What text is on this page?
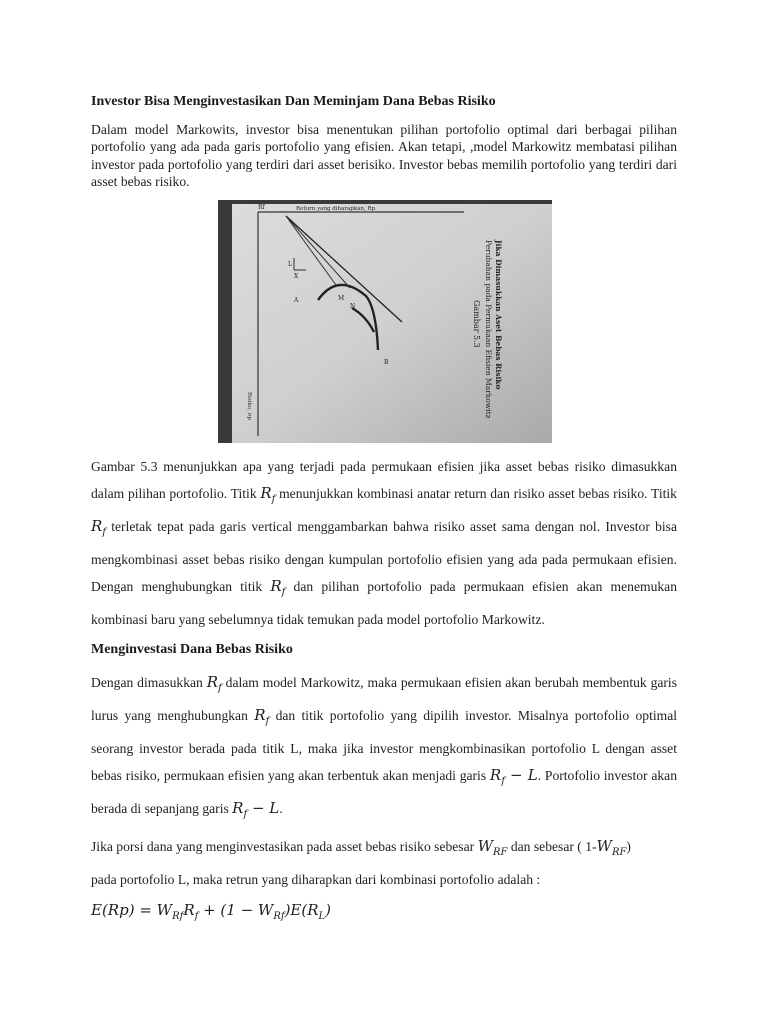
Investor Bisa Menginvestasikan Dan Meminjam Dana Bebas Risiko

Dalam model Markowits, investor bisa menentukan pilihan portofolio optimal dari berbagai pilihan portofolio yang ada pada garis portofolio yang efisien. Akan tetapi, ,model Markowitz membatasi pilihan investor pada portofolio yang terdiri dari asset berisiko. Investor bebas memilih portofolio yang terdiri dari asset bebas risiko.

Rf	Return yang diharapkan, Rp
L
X
A	M
N
B
Gambar 5.3 Perubahan pada Permukaan Efisien Markowitz Jika Dimasukkan Aset Bebas Risiko
Risiko, σp

Gambar 5.3 menunjukkan apa yang terjadi pada permukaan efisien jika asset bebas risiko dimasukkan dalam pilihan portofolio. Titik $R_f$ menunjukkan kombinasi anatar return dan risiko asset bebas risiko. Titik $R_f$ terletak tepat pada garis vertical menggambarkan bahwa risiko asset sama dengan nol. Investor bisa mengkombinasi asset bebas risiko dengan kumpulan portofolio efisien yang ada pada permukaan efisien. Dengan menghubungkan titik $R_f$ dan pilihan portofolio pada permukaan efisien akan menemukan kombinasi baru yang sebelumnya tidak temukan pada model portofolio Markowitz.

Menginvestasi Dana Bebas Risiko

Dengan dimasukkan $R_f$ dalam model Markowitz, maka permukaan efisien akan berubah membentuk garis lurus yang menghubungkan $R_f$ dan titik portofolio yang dipilih investor. Misalnya portofolio optimal seorang investor berada pada titik L, maka jika investor mengkombinasikan portofolio L dengan asset bebas risiko, permukaan efisien yang akan terbentuk akan menjadi garis $R_f - L$. Portofolio investor akan berada di sepanjang garis $R_f - L$.

Jika porsi dana yang menginvestasikan pada asset bebas risiko sebesar $W_{RF}$ dan sebesar ( $1-W_{RF}$)
pada portofolio L, maka retrun yang diharapkan dari kombinasi portofolio adalah :

$E(Rp) = W_{Rf}R_f + (1 - W_{Rf})E(R_L)$
